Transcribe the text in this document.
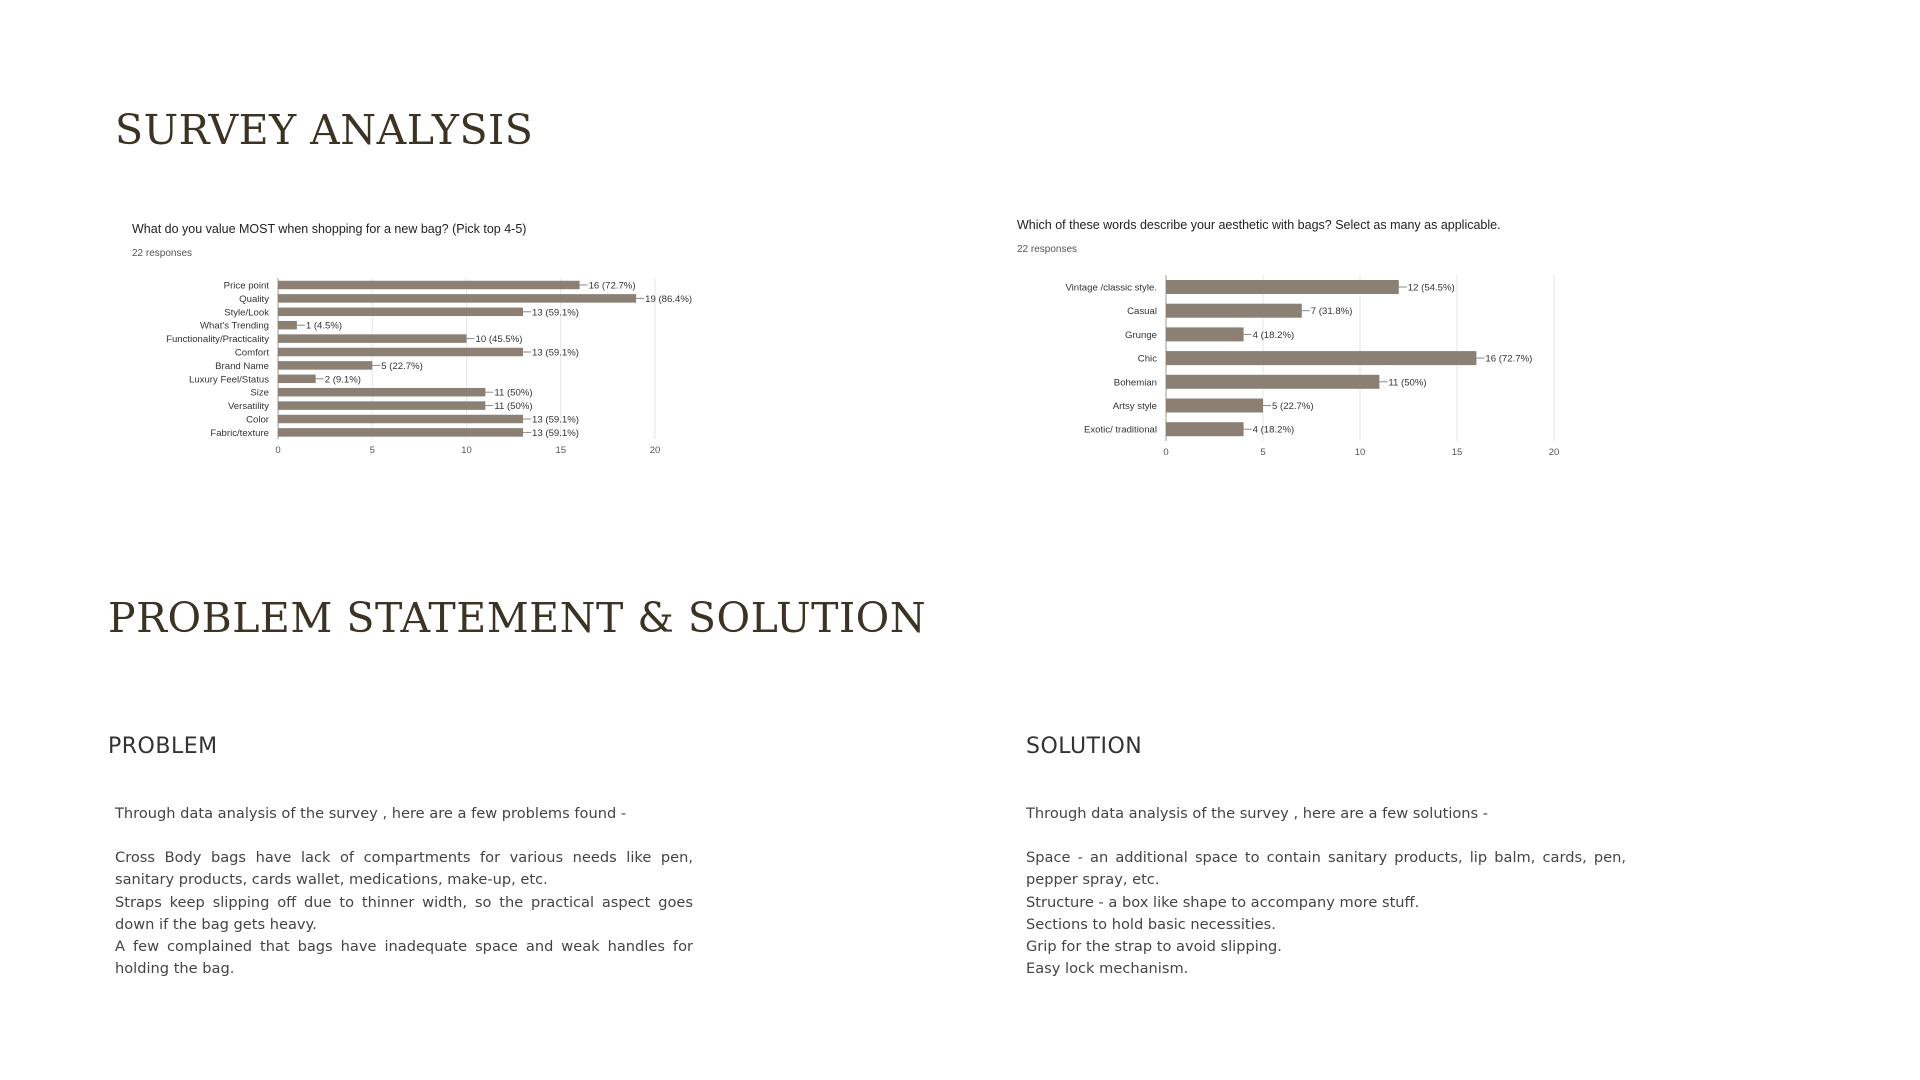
SURVEY ANALYSIS
What do you value MOST when shopping for a new bag? (Pick top 4-5)
22 responses
0	5	10	15	20
Price point	16 (72.7%)
Quality	19 (86.4%)
Style/Look	13 (59.1%)
What's Trending	1 (4.5%)
Functionality/Practicality	10 (45.5%)
Comfort	13 (59.1%)
Brand Name	5 (22.7%)
Luxury Feel/Status	2 (9.1%)
Size	11 (50%)
Versatility	11 (50%)
Color	13 (59.1%)
Fabric/texture	13 (59.1%)
Which of these words describe your aesthetic with bags? Select as many as applicable.
22 responses
0	5	10	15	20
Vintage /classic style.	12 (54.5%)
Casual	7 (31.8%)
Grunge	4 (18.2%)
Chic	16 (72.7%)
Bohemian	11 (50%)
Artsy style	5 (22.7%)
Exotic/ traditional	4 (18.2%)
PROBLEM STATEMENT & SOLUTION
PROBLEM	SOLUTION

Through data analysis of the survey , here are a few problems found -

Cross Body bags have lack of compartments for various needs like pen, sanitary products, cards wallet, medications, make-up, etc.

Straps keep slipping off due to thinner width, so the practical aspect goes down if the bag gets heavy.

A few complained that bags have inadequate space and weak handles for holding the bag.

Through data analysis of the survey , here are a few solutions -

Space - an additional space to contain sanitary products, lip balm, cards, pen, pepper spray, etc.

Structure - a box like shape to accompany more stuff.

Sections to hold basic necessities.

Grip for the strap to avoid slipping.

Easy lock mechanism.
